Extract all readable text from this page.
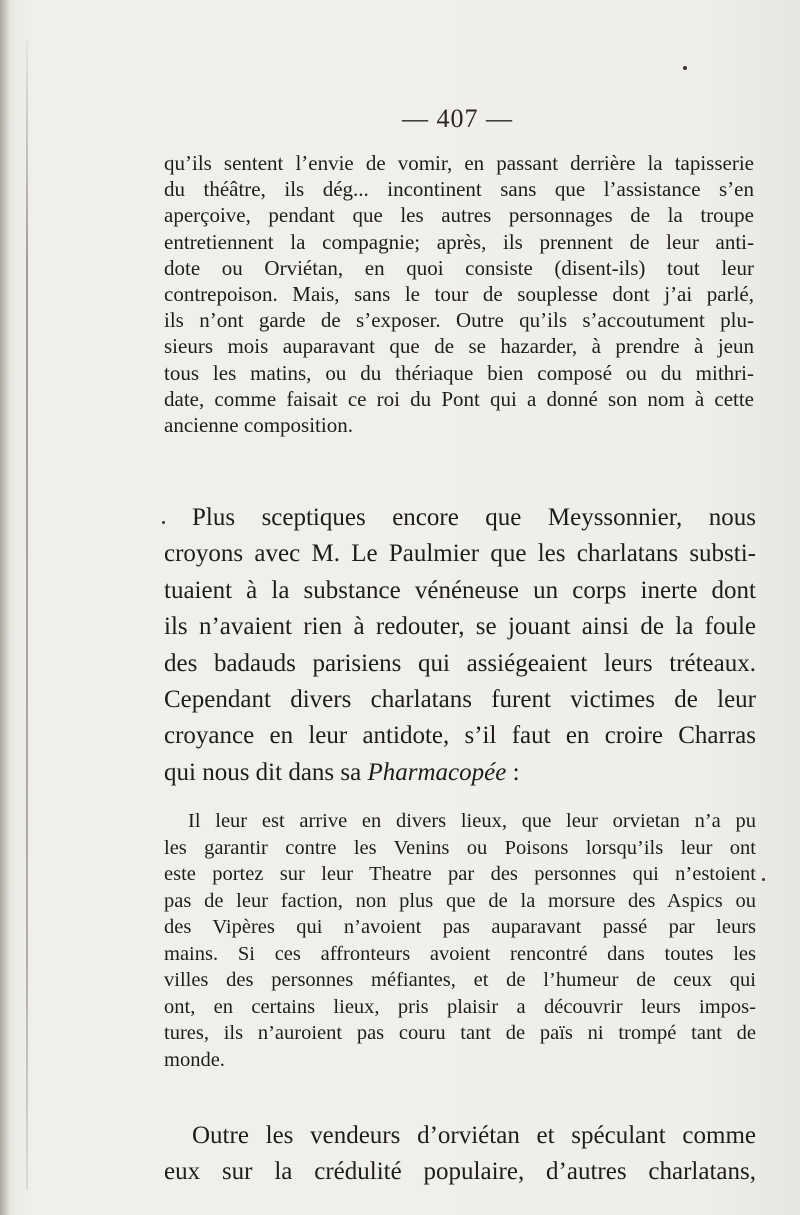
— 407 —
qu’ils sentent l’envie de vomir, en passant derrière la tapisserie
du théâtre, ils dég... incontinent sans que l’assistance s’en
aperçoive, pendant que les autres personnages de la troupe
entretiennent la compagnie; après, ils prennent de leur anti-
dote ou Orviétan, en quoi consiste (disent-ils) tout leur
contrepoison. Mais, sans le tour de souplesse dont j’ai parlé,
ils n’ont garde de s’exposer. Outre qu’ils s’accoutument plu-
sieurs mois auparavant que de se hazarder, à prendre à jeun
tous les matins, ou du thériaque bien composé ou du mithri-
date, comme faisait ce roi du Pont qui a donné son nom à cette
ancienne composition.
Plus sceptiques encore que Meyssonnier, nous
croyons avec M. Le Paulmier que les charlatans substi-
tuaient à la substance vénéneuse un corps inerte dont
ils n’avaient rien à redouter, se jouant ainsi de la foule
des badauds parisiens qui assiégeaient leurs tréteaux.
Cependant divers charlatans furent victimes de leur
croyance en leur antidote, s’il faut en croire Charras
qui nous dit dans sa Pharmacopée :
Il leur est arrive en divers lieux, que leur orvietan n’a pu
les garantir contre les Venins ou Poisons lorsqu’ils leur ont
este portez sur leur Theatre par des personnes qui n’estoient
pas de leur faction, non plus que de la morsure des Aspics ou
des Vipères qui n’avoient pas auparavant passé par leurs
mains. Si ces affronteurs avoient rencontré dans toutes les
villes des personnes méfiantes, et de l’humeur de ceux qui
ont, en certains lieux, pris plaisir a découvrir leurs impos-
tures, ils n’auroient pas couru tant de païs ni trompé tant de
monde.
Outre les vendeurs d’orviétan et spéculant comme
eux sur la crédulité populaire, d’autres charlatans,
